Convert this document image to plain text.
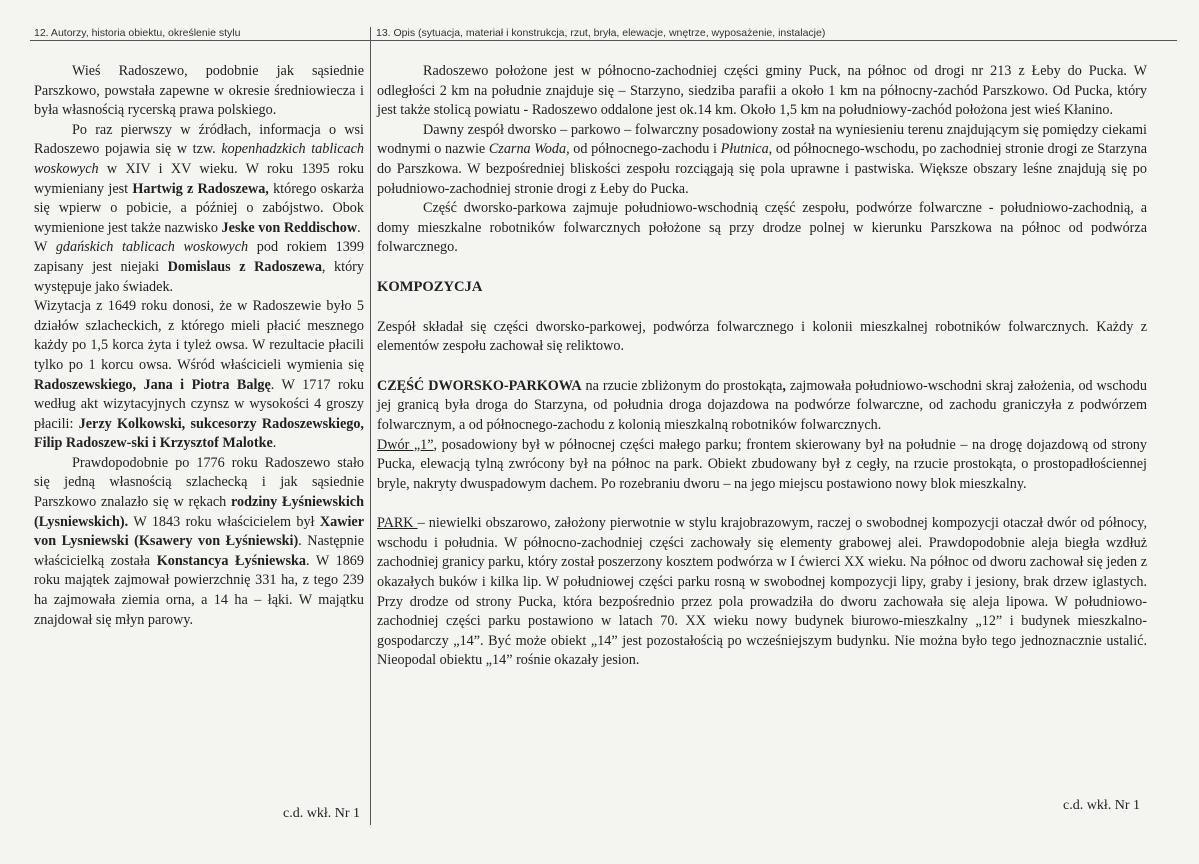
12. Autorzy, historia obiektu, określenie stylu	13. Opis (sytuacja, materiał i konstrukcja, rzut, bryła, elewacje, wnętrze, wyposażenie, instalacje)

Wieś Radoszewo, podobnie jak sąsiednie Parszkowo, powstała zapewne w okresie średniowiecza i była własnością rycerską prawa polskiego.

Po raz pierwszy w źródłach, informacja o wsi Radoszewo pojawia się w tzw. kopenhadzkich tablicach woskowych w XIV i XV wieku. W roku 1395 roku wymieniany jest Hartwig z Radoszewa, którego oskarża się wpierw o pobicie, a później o zabójstwo. Obok wymienione jest także nazwisko Jeske von Reddischow.

W gdańskich tablicach woskowych pod rokiem 1399 zapisany jest niejaki Domislaus z Radoszewa, który występuje jako świadek.

Wizytacja z 1649 roku donosi, że w Radoszewie było 5 działów szlacheckich, z którego mieli płacić mesznego każdy po 1,5 korca żyta i tyleż owsa. W rezultacie płacili tylko po 1 korcu owsa. Wśród właścicieli wymienia się Radoszewskiego, Jana i Piotra Balgę. W 1717 roku według akt wizytacyjnych czynsz w wysokości 4 groszy płacili: Jerzy Kolkowski, sukcesorzy Radoszewskiego, Filip Radoszew-ski i Krzysztof Malotke.

Prawdopodobnie po 1776 roku Radoszewo stało się jedną własnością szlachecką i jak sąsiednie Parszkowo znalazło się w rękach rodziny Łyśniewskich (Lysniewskich). W 1843 roku właścicielem był Xawier von Lysniewski (Ksawery von Łyśniewski). Następnie właścicielką została Konstancya Łyśniewska. W 1869 roku majątek zajmował powierzchnię 331 ha, z tego 239 ha zajmowała ziemia orna, a 14 ha – łąki. W majątku znajdował się młyn parowy.

c.d. wkł. Nr 1

Radoszewo położone jest w północno-zachodniej części gminy Puck, na północ od drogi nr 213 z Łeby do Pucka. W odległości 2 km na południe znajduje się – Starzyno, siedziba parafii a około 1 km na północny-zachód Parszkowo. Od Pucka, który jest także stolicą powiatu - Radoszewo oddalone jest ok.14 km. Około 1,5 km na południowy-zachód położona jest wieś Kłanino.

Dawny zespół dworsko – parkowo – folwarczny posadowiony został na wyniesieniu terenu znajdującym się pomiędzy ciekami wodnymi o nazwie Czarna Woda, od północnego-zachodu i Płutnica, od północnego-wschodu, po zachodniej stronie drogi ze Starzyna do Parszkowa. W bezpośredniej bliskości zespołu rozciągają się pola uprawne i pastwiska. Większe obszary leśne znajdują się po południowo-zachodniej stronie drogi z Łeby do Pucka.

Część dworsko-parkowa zajmuje południowo-wschodnią część zespołu, podwórze folwarczne - południowo-zachodnią, a domy mieszkalne robotników folwarcznych położone są przy drodze polnej w kierunku Parszkowa na północ od podwórza folwarcznego.

KOMPOZYCJA

Zespół składał się części dworsko-parkowej, podwórza folwarcznego i kolonii mieszkalnej robotników folwarcznych. Każdy z elementów zespołu zachował się reliktowo.

CZĘŚĆ DWORSKO-PARKOWA na rzucie zbliżonym do prostokąta, zajmowała południowo-wschodni skraj założenia, od wschodu jej granicą była droga do Starzyna, od południa droga dojazdowa na podwórze folwarczne, od zachodu graniczyła z podwórzem folwarcznym, a od północnego-zachodu z kolonią mieszkalną robotników folwarcznych.

Dwór „1”, posadowiony był w północnej części małego parku; frontem skierowany był na południe – na drogę dojazdową od strony Pucka, elewacją tylną zwrócony był na północ na park. Obiekt zbudowany był z cegły, na rzucie prostokąta, o prostopadłościennej bryle, nakryty dwuspadowym dachem. Po rozebraniu dworu – na jego miejscu postawiono nowy blok mieszkalny.

PARK – niewielki obszarowo, założony pierwotnie w stylu krajobrazowym, raczej o swobodnej kompozycji otaczał dwór od północy, wschodu i południa. W północno-zachodniej części zachowały się elementy grabowej alei. Prawdopodobnie aleja biegła wzdłuż zachodniej granicy parku, który został poszerzony kosztem podwórza w I ćwierci XX wieku. Na północ od dworu zachował się jeden z okazałych buków i kilka lip. W południowej części parku rosną w swobodnej kompozycji lipy, graby i jesiony, brak drzew iglastych. Przy drodze od strony Pucka, która bezpośrednio przez pola prowadziła do dworu zachowała się aleja lipowa. W południowo-zachodniej części parku postawiono w latach 70. XX wieku nowy budynek biurowo-mieszkalny „12” i budynek mieszkalno-gospodarczy „14”. Być może obiekt „14” jest pozostałością po wcześniejszym budynku. Nie można było tego jednoznacznie ustalić. Nieopodal obiektu „14” rośnie okazały jesion.

c.d. wkł. Nr 1
